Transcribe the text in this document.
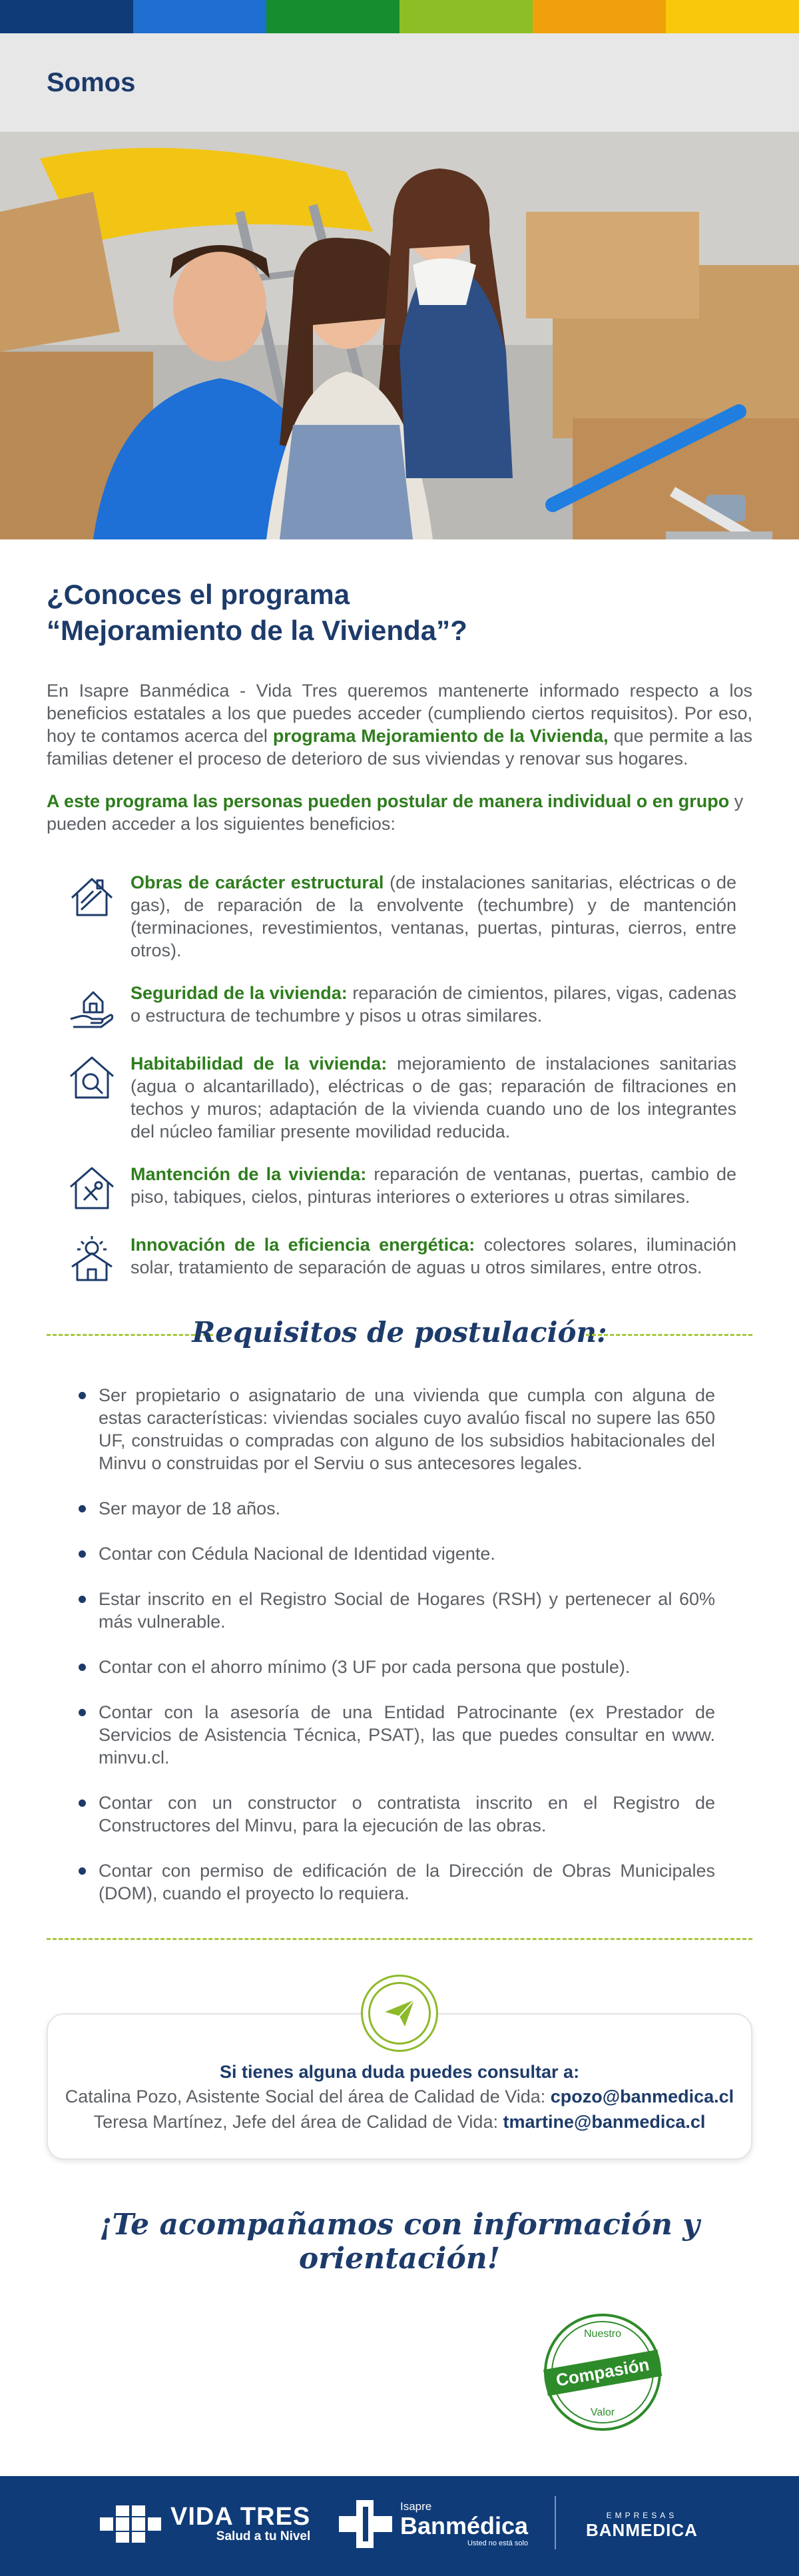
Somos
¿Conoces el programa
“Mejoramiento de la Vivienda”?

En Isapre Banmédica - Vida Tres queremos mantenerte informado respecto a los beneficios estatales a los que puedes acceder (cumpliendo ciertos requisitos). Por eso, hoy te contamos acerca del programa Mejoramiento de la Vivienda, que permite a las familias detener el proceso de deterioro de sus viviendas y renovar sus hogares.

A este programa las personas pueden postular de manera individual o en grupo y pueden acceder a los siguientes beneficios:

Obras de carácter estructural (de instalaciones sanitarias, eléctricas o de gas), de reparación de la envolvente (techumbre) y de mantención (terminaciones, revestimientos, ventanas, puertas, pinturas, cierros, entre otros).

Seguridad de la vivienda: reparación de cimientos, pilares, vigas, cadenas o estructura de techumbre y pisos u otras similares.

Habitabilidad de la vivienda: mejoramiento de instalaciones sanitarias (agua o alcantarillado), eléctricas o de gas; reparación de filtraciones en techos y muros; adaptación de la vivienda cuando uno de los integrantes del núcleo familiar presente movilidad reducida.

Mantención de la vivienda: reparación de ventanas, puertas, cambio de piso, tabiques, cielos, pinturas interiores o exteriores u otras similares.

Innovación de la eficiencia energética: colectores solares, iluminación solar, tratamiento de separación de aguas u otros similares, entre otros.

Requisitos de postulación:

Ser propietario o asignatario de una vivienda que cumpla con alguna de estas características: viviendas sociales cuyo avalúo fiscal no supere las 650 UF, construidas o compradas con alguno de los subsidios habitacionales del Minvu o construidas por el Serviu o sus antecesores legales.

Ser mayor de 18 años.

Contar con Cédula Nacional de Identidad vigente.

Estar inscrito en el Registro Social de Hogares (RSH) y pertenecer al 60% más vulnerable.

Contar con el ahorro mínimo (3 UF por cada persona que postule).

Contar con la asesoría de una Entidad Patrocinante (ex Prestador de Servicios de Asistencia Técnica, PSAT), las que puedes consultar en www. minvu.cl.

Contar con un constructor o contratista inscrito en el Registro de Constructores del Minvu, para la ejecución de las obras.

Contar con permiso de edificación de la Dirección de Obras Municipales (DOM), cuando el proyecto lo requiera.

Si tienes alguna duda puedes consultar a:

Catalina Pozo, Asistente Social del área de Calidad de Vida: cpozo@banmedica.cl

Teresa Martínez, Jefe del área de Calidad de Vida: tmartine@banmedica.cl

¡Te acompañamos con información y orientación!

Nuestro
Compasión
Valor
VIDA TRES
Salud a tu Nivel
Isapre
Banmédica
Usted no está solo
EMPRESAS
BANMEDICA
